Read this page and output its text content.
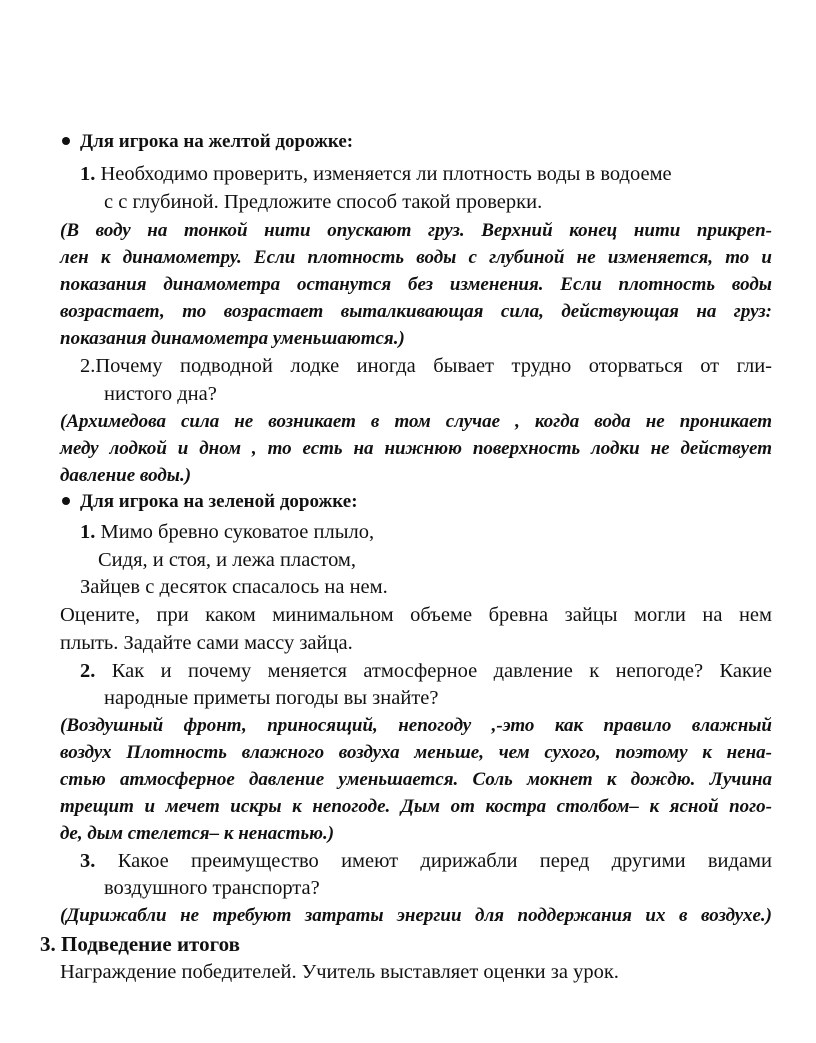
Для игрока на желтой дорожке:
1. Необходимо проверить, изменяется ли плотность воды в водоеме
с с глубиной. Предложите способ такой проверки.
(В воду на тонкой нити опускают груз. Верхний конец нити прикреп-
лен к динамометру. Если плотность воды с глубиной не изменяется, то и
показания динамометра останутся без изменения. Если плотность воды
возрастает, то возрастает выталкивающая сила, действующая на груз:
показания динамометра уменьшаются.)
2.Почему подводной лодке иногда бывает трудно оторваться от гли-
нистого дна?
(Архимедова сила не возникает в том случае , когда вода не проникает
меду лодкой и дном , то есть на нижнюю поверхность лодки не действует
давление воды.)
Для игрока на зеленой дорожке:
1. Мимо бревно суковатое плыло,
Сидя, и стоя, и лежа пластом,
Зайцев с десяток спасалось на нем.
Оцените, при каком минимальном объеме бревна зайцы могли на нем
плыть. Задайте сами массу зайца.
2. Как и почему меняется атмосферное давление к непогоде? Какие
народные приметы погоды вы знайте?
(Воздушный фронт, приносящий, непогоду ,-это как правило влажный
воздух Плотность влажного воздуха меньше, чем сухого, поэтому к нена-
стью атмосферное давление уменьшается. Соль мокнет к дождю. Лучина
трещит и мечет искры к непогоде. Дым от костра столбом– к ясной пого-
де, дым стелется– к ненастью.)
3. Какое преимущество имеют дирижабли перед другими видами
воздушного транспорта?
(Дирижабли не требуют затраты энергии для поддержания их в воздухе.)
3. Подведение итогов
Награждение победителей. Учитель выставляет оценки за урок.
